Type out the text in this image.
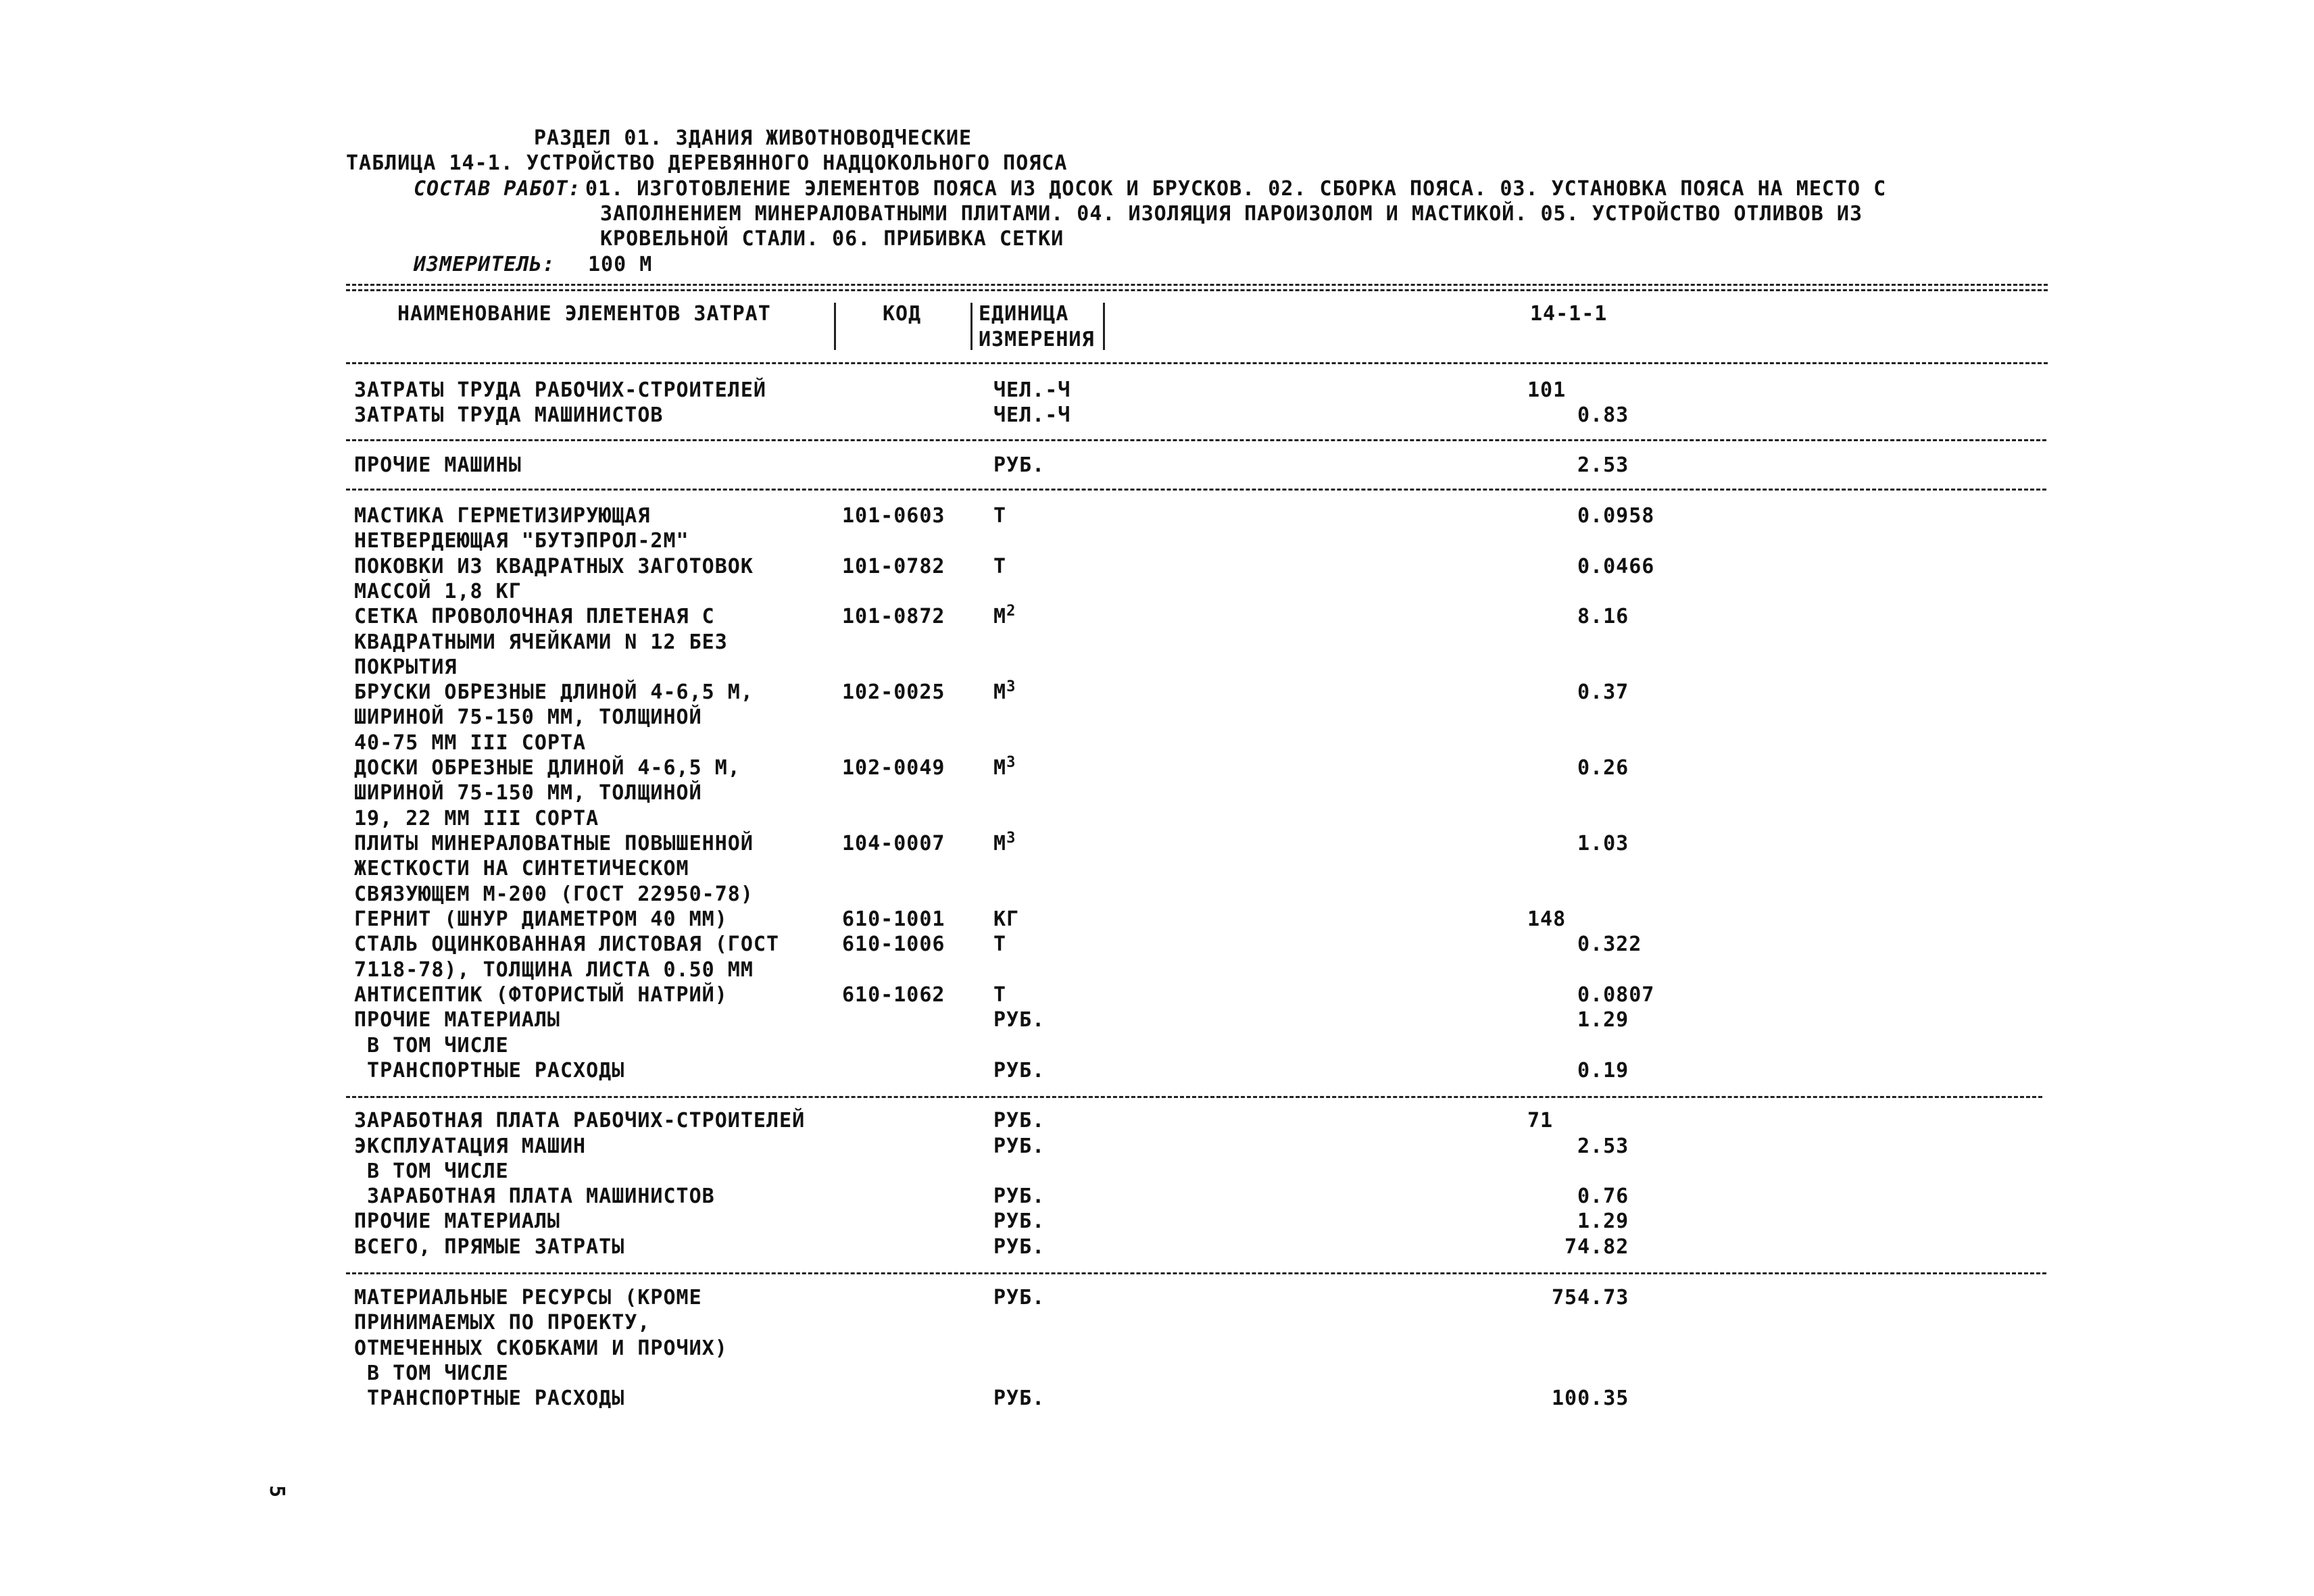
РАЗДЕЛ 01. ЗДАНИЯ ЖИВОТНОВОДЧЕСКИЕ
ТАБЛИЦА 14-1. УСТРОЙСТВО ДЕРЕВЯННОГО НАДЦОКОЛЬНОГО ПОЯСА
СОСТАВ РАБОТ: 01. ИЗГОТОВЛЕНИЕ ЭЛЕМЕНТОВ ПОЯСА ИЗ ДОСОК И БРУСКОВ. 02. СБОРКА ПОЯСА. 03. УСТАНОВКА ПОЯСА НА МЕСТО С
ЗАПОЛНЕНИЕМ МИНЕРАЛОВАТНЫМИ ПЛИТАМИ. 04. ИЗОЛЯЦИЯ ПАРОИЗОЛОМ И МАСТИКОЙ. 05. УСТРОЙСТВО ОТЛИВОВ ИЗ
КРОВЕЛЬНОЙ СТАЛИ. 06. ПРИБИВКА СЕТКИ
ИЗМЕРИТЕЛЬ: 100 М
НАИМЕНОВАНИЕ ЭЛЕМЕНТОВ ЗАТРАТ	КОД	ЕДИНИЦА
ИЗМЕРЕНИЯ
14-1-1
ЗАТРАТЫ ТРУДА РАБОЧИХ-СТРОИТЕЛЕЙ	ЧЕЛ.-Ч	101
ЗАТРАТЫ ТРУДА МАШИНИСТОВ	ЧЕЛ.-Ч	0.83
ПРОЧИЕ МАШИНЫ	РУБ.	2.53
МАСТИКА ГЕРМЕТИЗИРУЮЩАЯ	101-0603 Т	0.0958
НЕТВЕРДЕЮЩАЯ "БУТЭПРОЛ-2М"
ПОКОВКИ ИЗ КВАДРАТНЫХ ЗАГОТОВОК	101-0782 Т	0.0466
МАССОЙ 1,8 КГ
СЕТКА ПРОВОЛОЧНАЯ ПЛЕТЕНАЯ С	101-0872 $М^2$	8.16
КВАДРАТНЫМИ ЯЧЕЙКАМИ N 12 БЕЗ
ПОКРЫТИЯ
БРУСКИ ОБРЕЗНЫЕ ДЛИНОЙ 4-6,5 М,	102-0025 $М^3$	0.37
ШИРИНОЙ 75-150 ММ, ТОЛЩИНОЙ
40-75 ММ III СОРТА
ДОСКИ ОБРЕЗНЫЕ ДЛИНОЙ 4-6,5 М,	102-0049 $М^3$	0.26
ШИРИНОЙ 75-150 ММ, ТОЛЩИНОЙ
19, 22 ММ III СОРТА
ПЛИТЫ МИНЕРАЛОВАТНЫЕ ПОВЫШЕННОЙ	104-0007 $М^3$	1.03
ЖЕСТКОСТИ НА СИНТЕТИЧЕСКОМ
СВЯЗУЮЩЕМ М-200 (ГОСТ 22950-78)
ГЕРНИТ (ШНУР ДИАМЕТРОМ 40 ММ)	610-1001 КГ	148
СТАЛЬ ОЦИНКОВАННАЯ ЛИСТОВАЯ (ГОСТ	610-1006 Т	0.322
7118-78), ТОЛЩИНА ЛИСТА 0.50 ММ
АНТИСЕПТИК (ФТОРИСТЫЙ НАТРИЙ)	610-1062 Т	0.0807
ПРОЧИЕ МАТЕРИАЛЫ	РУБ.	1.29
В ТОМ ЧИСЛЕ
ТРАНСПОРТНЫЕ РАСХОДЫ	РУБ.	0.19
ЗАРАБОТНАЯ ПЛАТА РАБОЧИХ-СТРОИТЕЛЕЙ	РУБ.	71
ЭКСПЛУАТАЦИЯ МАШИН	РУБ.	2.53
В ТОМ ЧИСЛЕ
ЗАРАБОТНАЯ ПЛАТА МАШИНИСТОВ	РУБ.	0.76
ПРОЧИЕ МАТЕРИАЛЫ	РУБ.	1.29
ВСЕГО, ПРЯМЫЕ ЗАТРАТЫ	РУБ.	74.82
МАТЕРИАЛЬНЫЕ РЕСУРСЫ (КРОМЕ	РУБ.	754.73
ПРИНИМАЕМЫХ ПО ПРОЕКТУ,
ОТМЕЧЕННЫХ СКОБКАМИ И ПРОЧИХ)
В ТОМ ЧИСЛЕ
ТРАНСПОРТНЫЕ РАСХОДЫ	РУБ.	100.35
5
